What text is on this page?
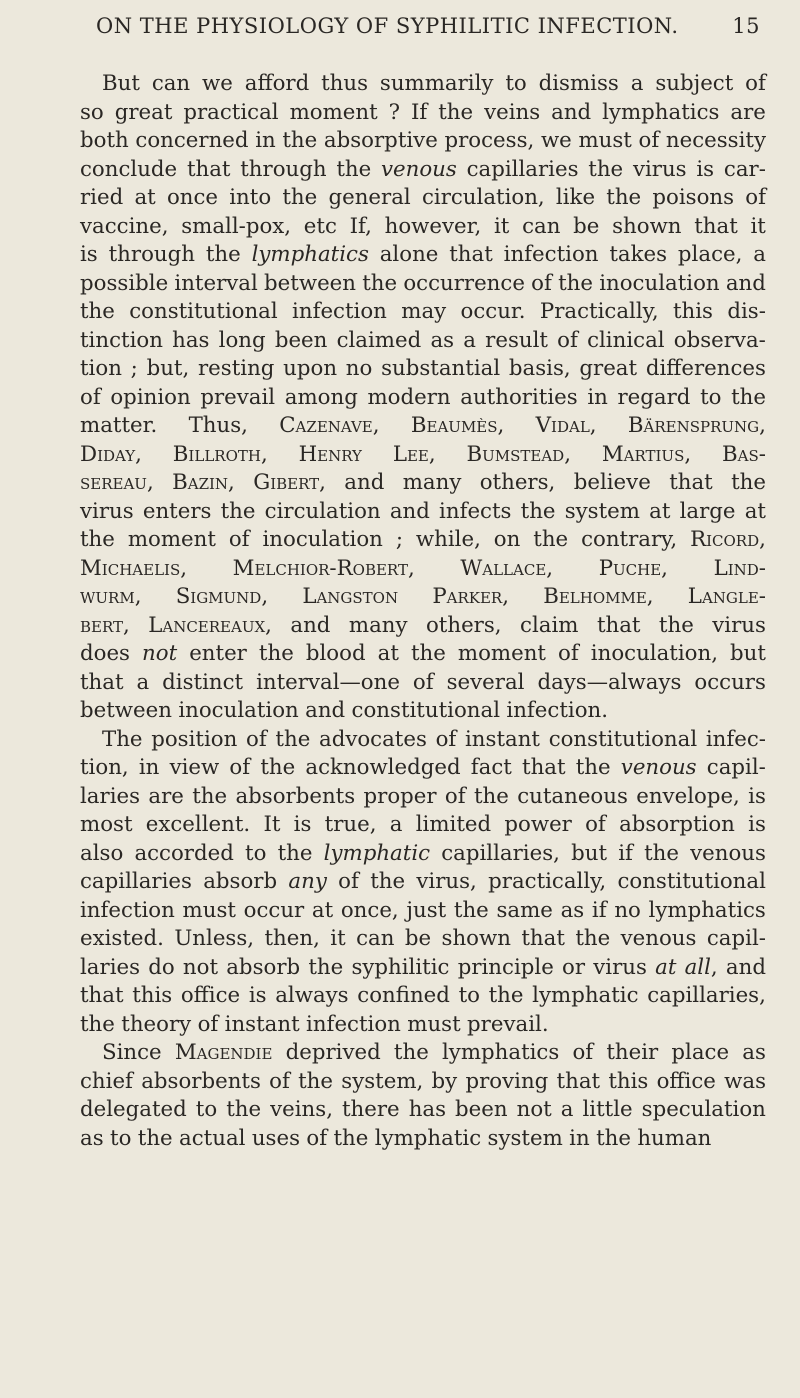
ON THE PHYSIOLOGY OF SYPHILITIC INFECTION.	15
But can we afford thus summarily to dismiss a subject of
so great practical moment ? If the veins and lymphatics are
both concerned in the absorptive process, we must of necessity
conclude that through the venous capillaries the virus is car-
ried at once into the general circulation, like the poisons of
vaccine, small-pox, etc If, however, it can be shown that it
is through the lymphatics alone that infection takes place, a
possible interval between the occurrence of the inoculation and
the constitutional infection may occur. Practically, this dis-
tinction has long been claimed as a result of clinical observa-
tion ; but, resting upon no substantial basis, great differences
of opinion prevail among modern authorities in regard to the
matter. Thus, Cazenave, Beaumès, Vidal, Bärensprung,
Diday, Billroth, Henry Lee, Bumstead, Martius, Bas-
sereau, Bazin, Gibert, and many others, believe that the
virus enters the circulation and infects the system at large at
the moment of inoculation ; while, on the contrary, Ricord,
Michaelis, Melchior-Robert, Wallace, Puche, Lind-
wurm, Sigmund, Langston Parker, Belhomme, Langle-
bert, Lancereaux, and many others, claim that the virus
does not enter the blood at the moment of inoculation, but
that a distinct interval—one of several days—always occurs
between inoculation and constitutional infection.
The position of the advocates of instant constitutional infec-
tion, in view of the acknowledged fact that the venous capil-
laries are the absorbents proper of the cutaneous envelope, is
most excellent. It is true, a limited power of absorption is
also accorded to the lymphatic capillaries, but if the venous
capillaries absorb any of the virus, practically, constitutional
infection must occur at once, just the same as if no lymphatics
existed. Unless, then, it can be shown that the venous capil-
laries do not absorb the syphilitic principle or virus at all, and
that this office is always confined to the lymphatic capillaries,
the theory of instant infection must prevail.
Since Magendie deprived the lymphatics of their place as
chief absorbents of the system, by proving that this office was
delegated to the veins, there has been not a little speculation
as to the actual uses of the lymphatic system in the human
